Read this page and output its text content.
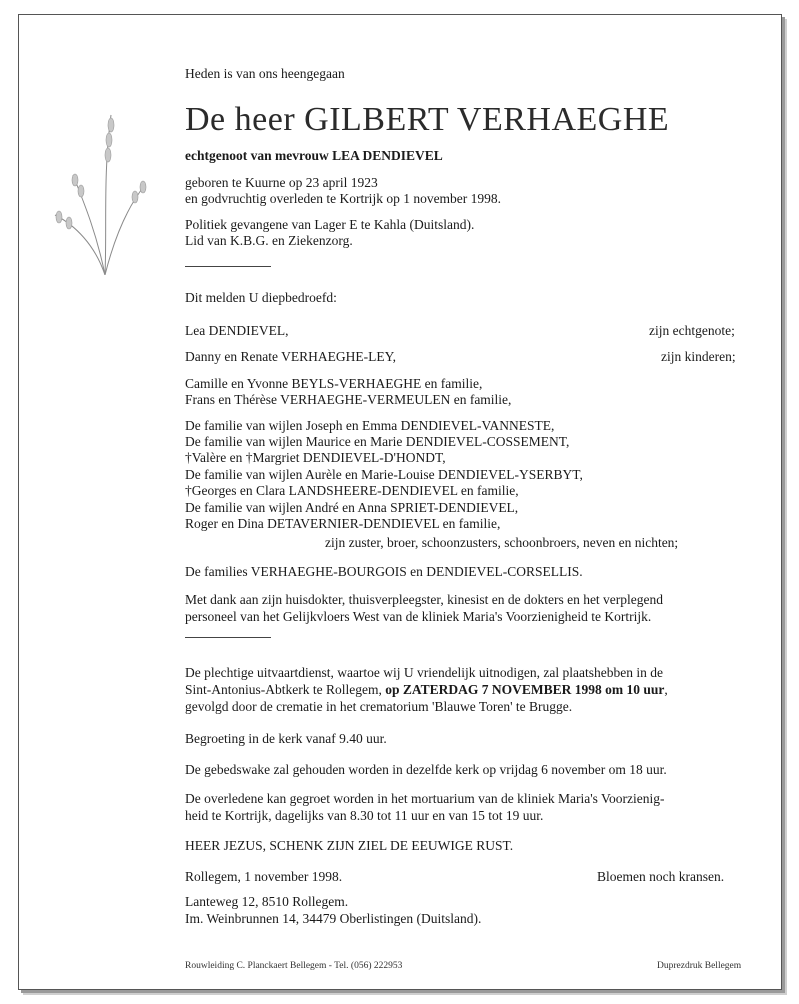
Heden is van ons heengegaan
De heer GILBERT VERHAEGHE
echtgenoot van mevrouw LEA DENDIEVEL
geboren te Kuurne op 23 april 1923
en godvruchtig overleden te Kortrijk op 1 november 1998.
Politiek gevangene van Lager E te Kahla (Duitsland).
Lid van K.B.G. en Ziekenzorg.
Dit melden U diepbedroefd:
Lea DENDIEVEL,	zijn echtgenote;
Danny en Renate VERHAEGHE-LEY,	zijn kinderen;
Camille en Yvonne BEYLS-VERHAEGHE en familie,
Frans en Thérèse VERHAEGHE-VERMEULEN en familie,
De familie van wijlen Joseph en Emma DENDIEVEL-VANNESTE,
De familie van wijlen Maurice en Marie DENDIEVEL-COSSEMENT,
†Valère en †Margriet DENDIEVEL-D'HONDT,
De familie van wijlen Aurèle en Marie-Louise DENDIEVEL-YSERBYT,
†Georges en Clara LANDSHEERE-DENDIEVEL en familie,
De familie van wijlen André en Anna SPRIET-DENDIEVEL,
Roger en Dina DETAVERNIER-DENDIEVEL en familie,
zijn zuster, broer, schoonzusters, schoonbroers, neven en nichten;
De families VERHAEGHE-BOURGOIS en DENDIEVEL-CORSELLIS.
Met dank aan zijn huisdokter, thuisverpleegster, kinesist en de dokters en het verplegend
personeel van het Gelijkvloers West van de kliniek Maria's Voorzienigheid te Kortrijk.
De plechtige uitvaartdienst, waartoe wij U vriendelijk uitnodigen, zal plaatshebben in de
Sint-Antonius-Abtkerk te Rollegem, op ZATERDAG 7 NOVEMBER 1998 om 10 uur,
gevolgd door de crematie in het crematorium 'Blauwe Toren' te Brugge.
Begroeting in de kerk vanaf 9.40 uur.
De gebedswake zal gehouden worden in dezelfde kerk op vrijdag 6 november om 18 uur.
De overledene kan gegroet worden in het mortuarium van de kliniek Maria's Voorzienig-
heid te Kortrijk, dagelijks van 8.30 tot 11 uur en van 15 tot 19 uur.
HEER JEZUS, SCHENK ZIJN ZIEL DE EEUWIGE RUST.
Rollegem, 1 november 1998.	Bloemen noch kransen.
Lanteweg 12, 8510 Rollegem.
Im. Weinbrunnen 14, 34479 Oberlistingen (Duitsland).
Rouwleiding C. Planckaert Bellegem - Tel. (056) 222953	Duprezdruk Bellegem
